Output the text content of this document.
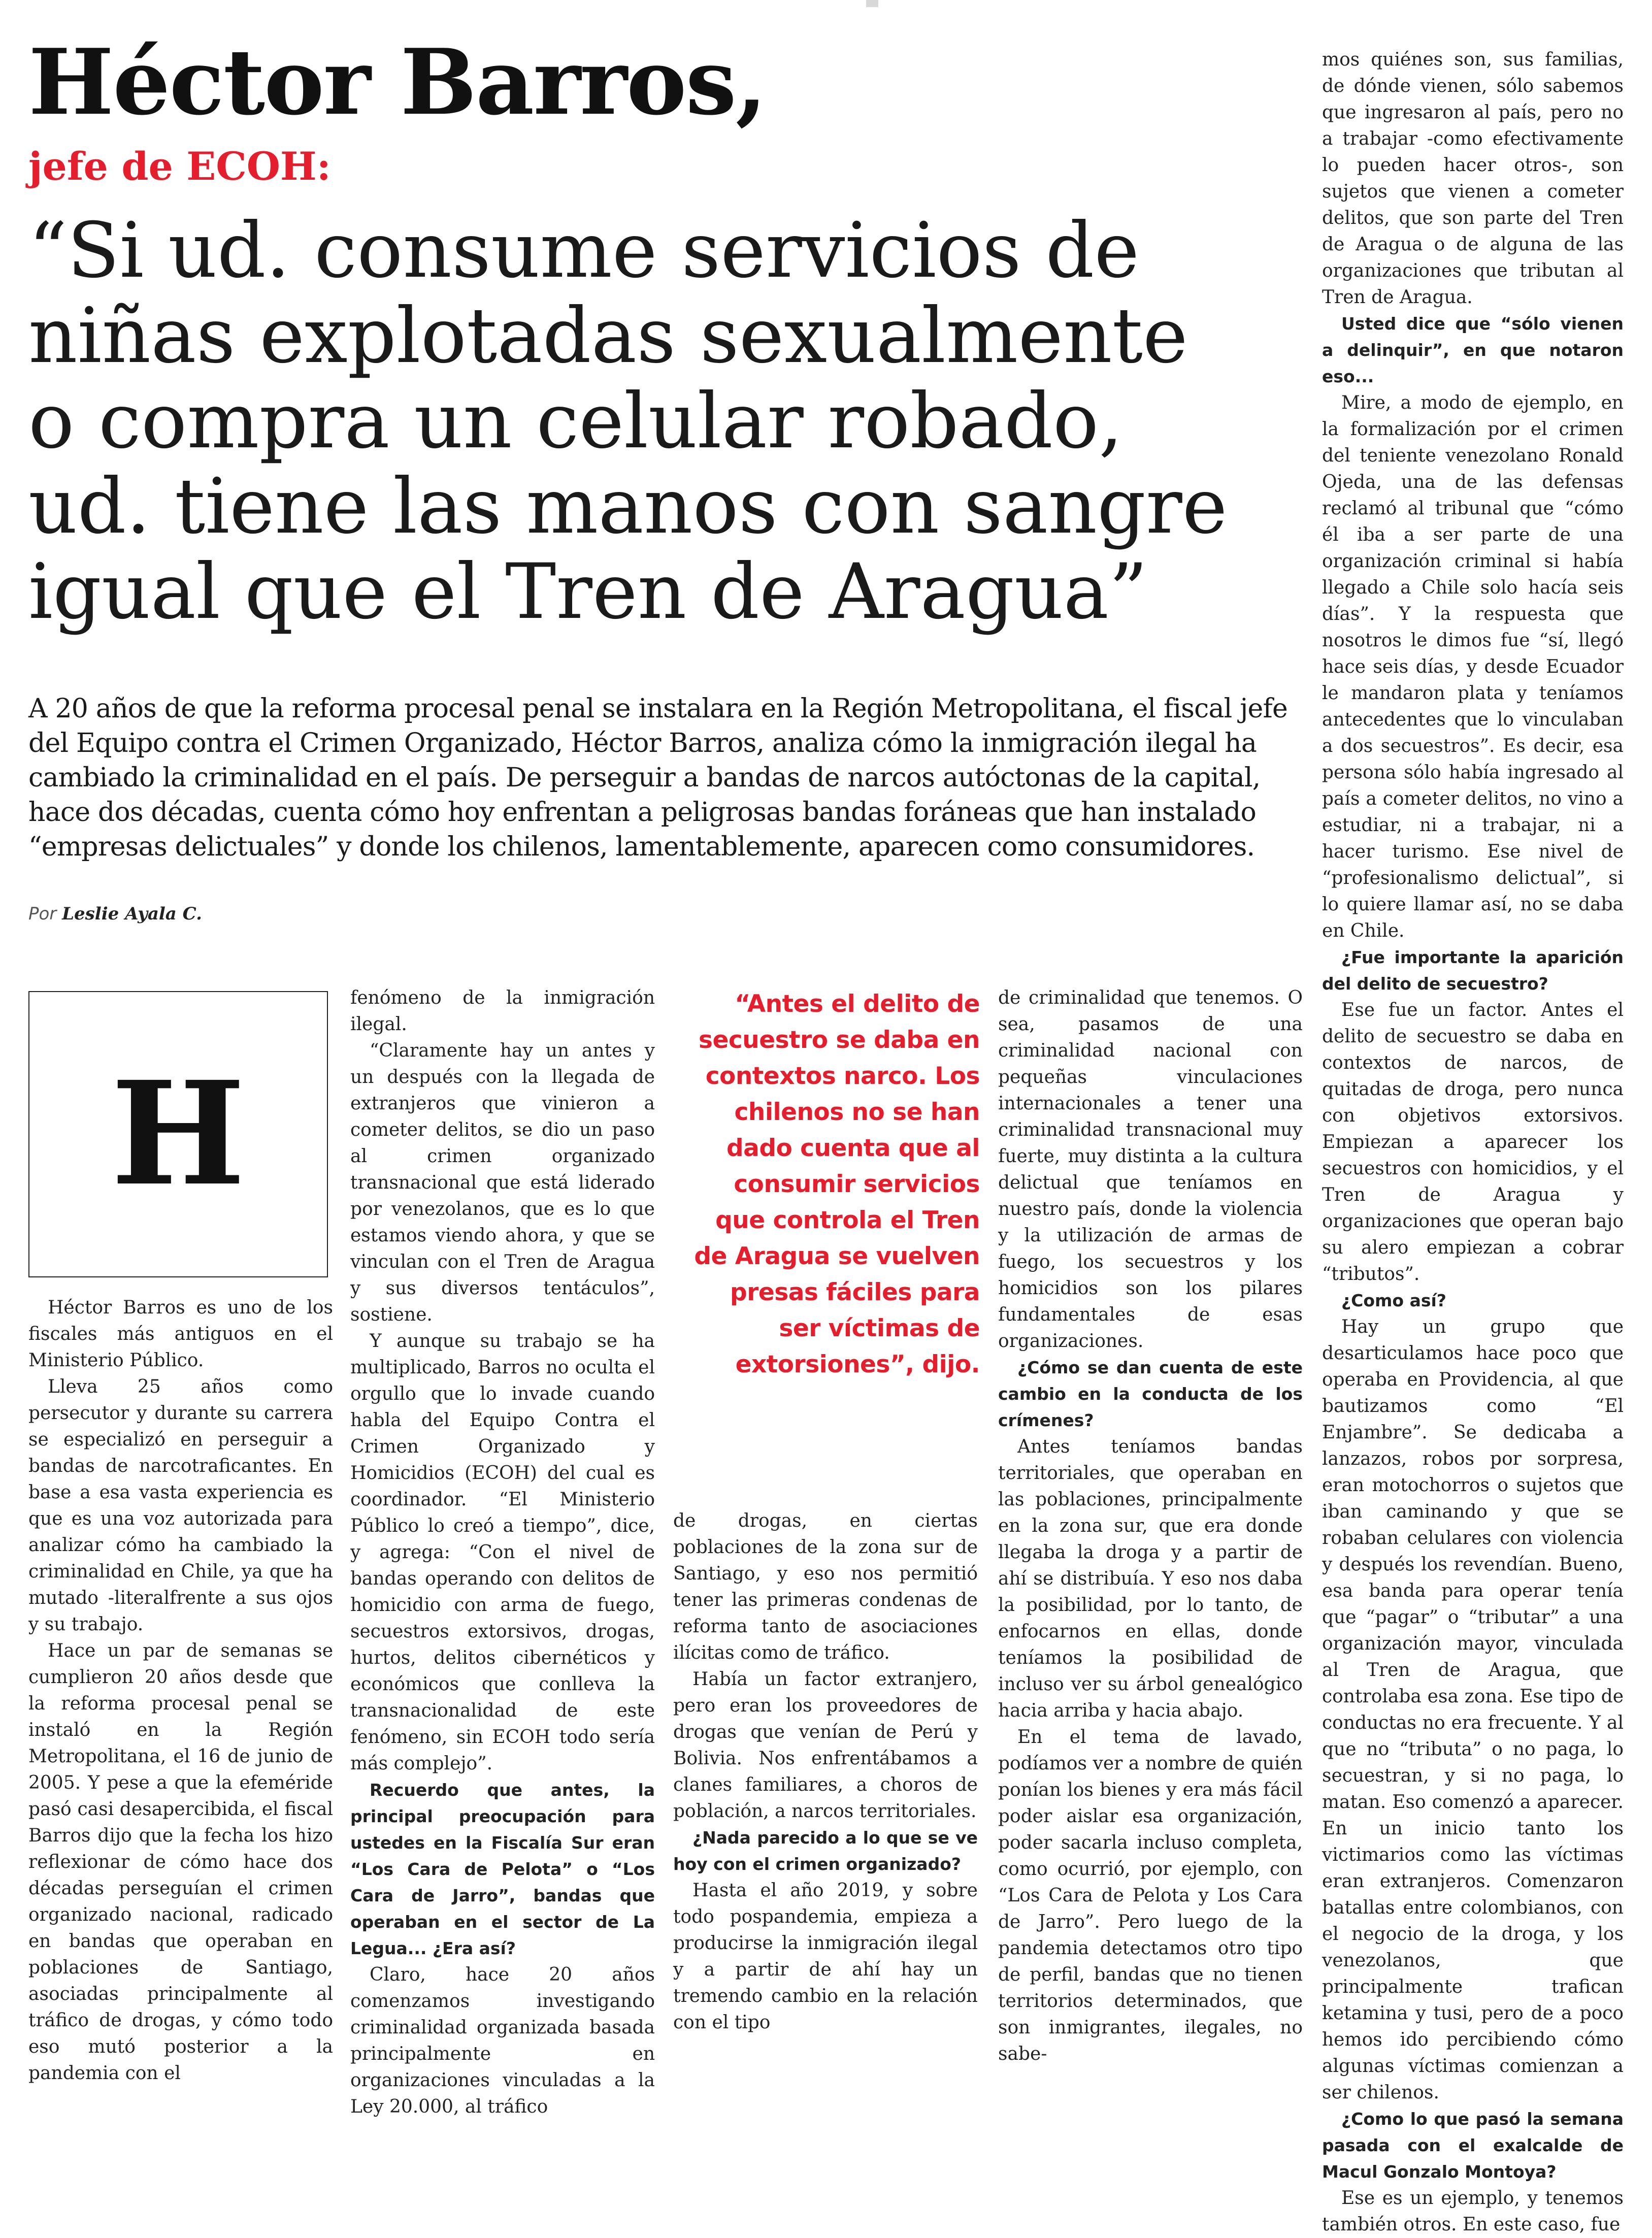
Héctor Barros,
jefe de ECOH:
“Si ud. consume servicios de
niñas explotadas sexualmente
o compra un celular robado,
ud. tiene las manos con sangre
igual que el Tren de Aragua”

A 20 años de que la reforma procesal penal se instalara en la Región Metropolitana, el fiscal jefe
del Equipo contra el Crimen Organizado, Héctor Barros, analiza cómo la inmigración ilegal ha
cambiado la criminalidad en el país. De perseguir a bandas de narcos autóctonas de la capital,
hace dos décadas, cuenta cómo hoy enfrentan a peligrosas bandas foráneas que han instalado
“empresas delictuales” y donde los chilenos, lamentablemente, aparecen como consumidores.

Por Leslie Ayala C.

H

Héctor Barros es uno de los fiscales más antiguos en el Ministerio Público.

Lleva 25 años como persecutor y durante su carrera se especializó en perseguir a bandas de narcotraficantes. En base a esa vasta experiencia es que es una voz autorizada para analizar cómo ha cambiado la criminalidad en Chile, ya que ha mutado -literalfrente a sus ojos y su trabajo.

Hace un par de semanas se cumplieron 20 años desde que la reforma procesal penal se instaló en la Región Metropolitana, el 16 de junio de 2005. Y pese a que la efeméride pasó casi desapercibida, el fiscal Barros dijo que la fecha los hizo reflexionar de cómo hace dos décadas perseguían el crimen organizado nacional, radicado en bandas que operaban en poblaciones de Santiago, asociadas principalmente al tráfico de drogas, y cómo todo eso mutó posterior a la pandemia con el

fenómeno de la inmigración ilegal.

“Claramente hay un antes y un después con la llegada de extranjeros que vinieron a cometer delitos, se dio un paso al crimen organizado transnacional que está liderado por venezolanos, que es lo que estamos viendo ahora, y que se vinculan con el Tren de Aragua y sus diversos tentáculos”, sostiene.

Y aunque su trabajo se ha multiplicado, Barros no oculta el orgullo que lo invade cuando habla del Equipo Contra el Crimen Organizado y Homicidios (ECOH) del cual es coordinador. “El Ministerio Público lo creó a tiempo”, dice, y agrega: “Con el nivel de bandas operando con delitos de homicidio con arma de fuego, secuestros extorsivos, drogas, hurtos, delitos cibernéticos y económicos que conlleva la transnacionalidad de este fenómeno, sin ECOH todo sería más complejo”.

Recuerdo que antes, la principal preocupación para ustedes en la Fiscalía Sur eran “Los Cara de Pelota” o “Los Cara de Jarro”, bandas que operaban en el sector de La Legua... ¿Era así?

Claro, hace 20 años comenzamos investigando criminalidad organizada basada principalmente en organizaciones vinculadas a la Ley 20.000, al tráfico

“Antes el delito de
secuestro se daba en
contextos narco. Los
chilenos no se han
dado cuenta que al
consumir servicios
que controla el Tren
de Aragua se vuelven
presas fáciles para
ser víctimas de
extorsiones”, dijo.

de drogas, en ciertas poblaciones de la zona sur de Santiago, y eso nos permitió tener las primeras condenas de reforma tanto de asociaciones ilícitas como de tráfico.

Había un factor extranjero, pero eran los proveedores de drogas que venían de Perú y Bolivia. Nos enfrentábamos a clanes familiares, a choros de población, a narcos territoriales.

¿Nada parecido a lo que se ve hoy con el crimen organizado?

Hasta el año 2019, y sobre todo pospandemia, empieza a producirse la inmigración ilegal y a partir de ahí hay un tremendo cambio en la relación con el tipo

de criminalidad que tenemos. O sea, pasamos de una criminalidad nacional con pequeñas vinculaciones internacionales a tener una criminalidad transnacional muy fuerte, muy distinta a la cultura delictual que teníamos en nuestro país, donde la violencia y la utilización de armas de fuego, los secuestros y los homicidios son los pilares fundamentales de esas organizaciones.

¿Cómo se dan cuenta de este cambio en la conducta de los crímenes?

Antes teníamos bandas territoriales, que operaban en las poblaciones, principalmente en la zona sur, que era donde llegaba la droga y a partir de ahí se distribuía. Y eso nos daba la posibilidad, por lo tanto, de enfocarnos en ellas, donde teníamos la posibilidad de incluso ver su árbol genealógico hacia arriba y hacia abajo.

En el tema de lavado, podíamos ver a nombre de quién ponían los bienes y era más fácil poder aislar esa organización, poder sacarla incluso completa, como ocurrió, por ejemplo, con “Los Cara de Pelota y Los Cara de Jarro”. Pero luego de la pandemia detectamos otro tipo de perfil, bandas que no tienen territorios determinados, que son inmigrantes, ilegales, no sabe-

mos quiénes son, sus familias, de dónde vienen, sólo sabemos que ingresaron al país, pero no a trabajar -como efectivamente lo pueden hacer otros-, son sujetos que vienen a cometer delitos, que son parte del Tren de Aragua o de alguna de las organizaciones que tributan al Tren de Aragua.

Usted dice que “sólo vienen a delinquir”, en que notaron eso...

Mire, a modo de ejemplo, en la formalización por el crimen del teniente venezolano Ronald Ojeda, una de las defensas reclamó al tribunal que “cómo él iba a ser parte de una organización criminal si había llegado a Chile solo hacía seis días”. Y la respuesta que nosotros le dimos fue “sí, llegó hace seis días, y desde Ecuador le mandaron plata y teníamos antecedentes que lo vinculaban a dos secuestros”. Es decir, esa persona sólo había ingresado al país a cometer delitos, no vino a estudiar, ni a trabajar, ni a hacer turismo. Ese nivel de “profesionalismo delictual”, si lo quiere llamar así, no se daba en Chile.

¿Fue importante la aparición del delito de secuestro?

Ese fue un factor. Antes el delito de secuestro se daba en contextos de narcos, de quitadas de droga, pero nunca con objetivos extorsivos. Empiezan a aparecer los secuestros con homicidios, y el Tren de Aragua y organizaciones que operan bajo su alero empiezan a cobrar “tributos”.

¿Como así?

Hay un grupo que desarticulamos hace poco que operaba en Providencia, al que bautizamos como “El Enjambre”. Se dedicaba a lanzazos, robos por sorpresa, eran motochorros o sujetos que iban caminando y que se robaban celulares con violencia y después los revendían. Bueno, esa banda para operar tenía que “pagar” o “tributar” a una organización mayor, vinculada al Tren de Aragua, que controlaba esa zona. Ese tipo de conductas no era frecuente. Y al que no “tributa” o no paga, lo secuestran, y si no paga, lo matan. Eso comenzó a aparecer. En un inicio tanto los victimarios como las víctimas eran extranjeros. Comenzaron batallas entre colombianos, con el negocio de la droga, y los venezolanos, que principalmente trafican ketamina y tusi, pero de a poco hemos ido percibiendo cómo algunas víctimas comienzan a ser chilenos.

¿Como lo que pasó la semana pasada con el exalcalde de Macul Gonzalo Montoya?

Ese es un ejemplo, y tenemos también otros. En este caso, fue
